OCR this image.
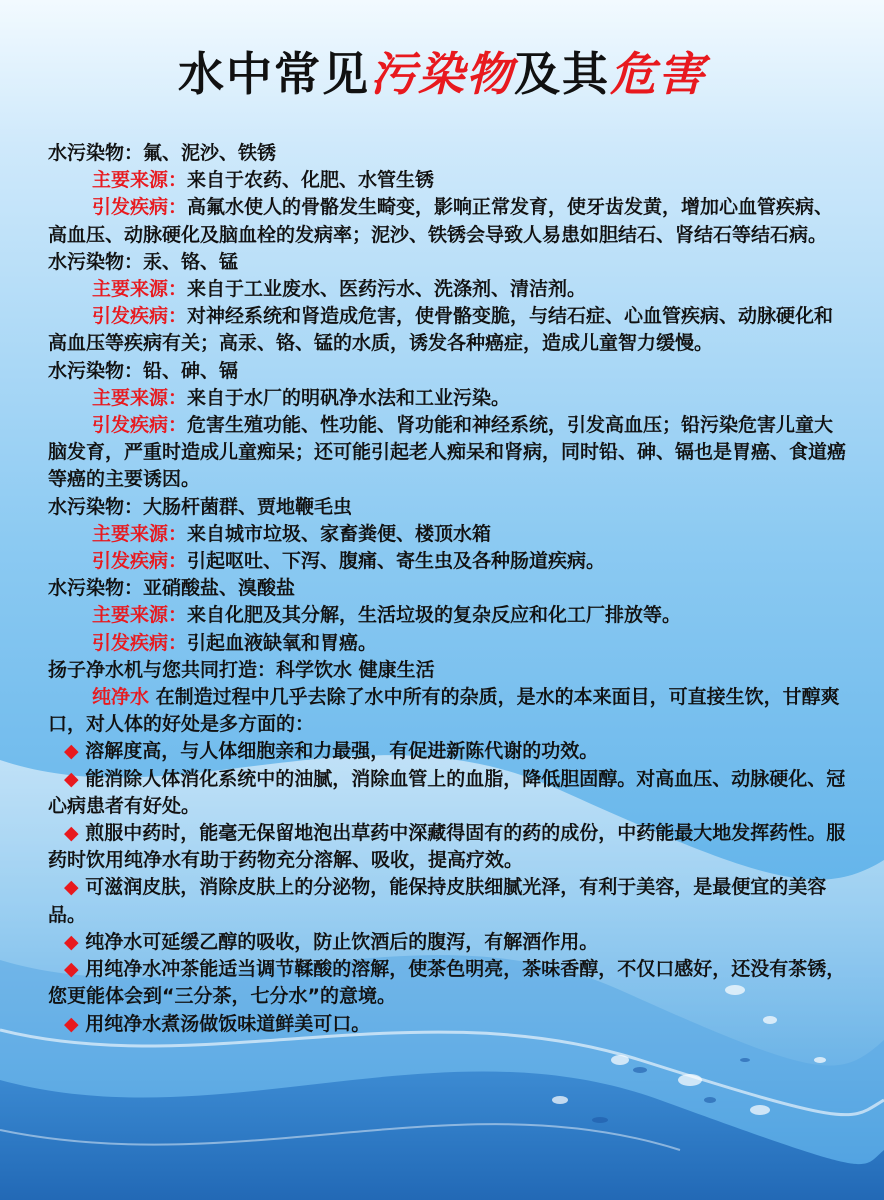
水中常见污染物及其危害

水污染物：氟、泥沙、铁锈

主要来源：来自于农药、化肥、水管生锈

引发疾病：高氟水使人的骨骼发生畸变，影响正常发育，使牙齿发黄，增加心血管疾病、高血压、动脉硬化及脑血栓的发病率；泥沙、铁锈会导致人易患如胆结石、肾结石等结石病。

水污染物：汞、铬、锰

主要来源：来自于工业废水、医药污水、洗涤剂、清洁剂。

引发疾病：对神经系统和肾造成危害，使骨骼变脆，与结石症、心血管疾病、动脉硬化和高血压等疾病有关；高汞、铬、锰的水质，诱发各种癌症，造成儿童智力缓慢。

水污染物：铅、砷、镉

主要来源：来自于水厂的明矾净水法和工业污染。

引发疾病：危害生殖功能、性功能、肾功能和神经系统，引发高血压；铅污染危害儿童大脑发育，严重时造成儿童痴呆；还可能引起老人痴呆和肾病，同时铅、砷、镉也是胃癌、食道癌等癌的主要诱因。

水污染物：大肠杆菌群、贾地鞭毛虫

主要来源：来自城市垃圾、家畜粪便、楼顶水箱

引发疾病：引起呕吐、下泻、腹痛、寄生虫及各种肠道疾病。

水污染物：亚硝酸盐、溴酸盐

主要来源：来自化肥及其分解，生活垃圾的复杂反应和化工厂排放等。

引发疾病：引起血液缺氧和胃癌。

扬子净水机与您共同打造：科学饮水 健康生活

纯净水 在制造过程中几乎去除了水中所有的杂质，是水的本来面目，可直接生饮，甘醇爽口，对人体的好处是多方面的：

◆ 溶解度高，与人体细胞亲和力最强，有促进新陈代谢的功效。

◆ 能消除人体消化系统中的油腻，消除血管上的血脂，降低胆固醇。对高血压、动脉硬化、冠心病患者有好处。

◆ 煎服中药时，能毫无保留地泡出草药中深藏得固有的药的成份，中药能最大地发挥药性。服药时饮用纯净水有助于药物充分溶解、吸收，提高疗效。

◆ 可滋润皮肤，消除皮肤上的分泌物，能保持皮肤细腻光泽，有利于美容，是最便宜的美容品。

◆ 纯净水可延缓乙醇的吸收，防止饮酒后的腹泻，有解酒作用。

◆ 用纯净水冲茶能适当调节鞣酸的溶解，使茶色明亮，茶味香醇，不仅口感好，还没有茶锈，您更能体会到“三分茶，七分水”的意境。

◆ 用纯净水煮汤做饭味道鲜美可口。
